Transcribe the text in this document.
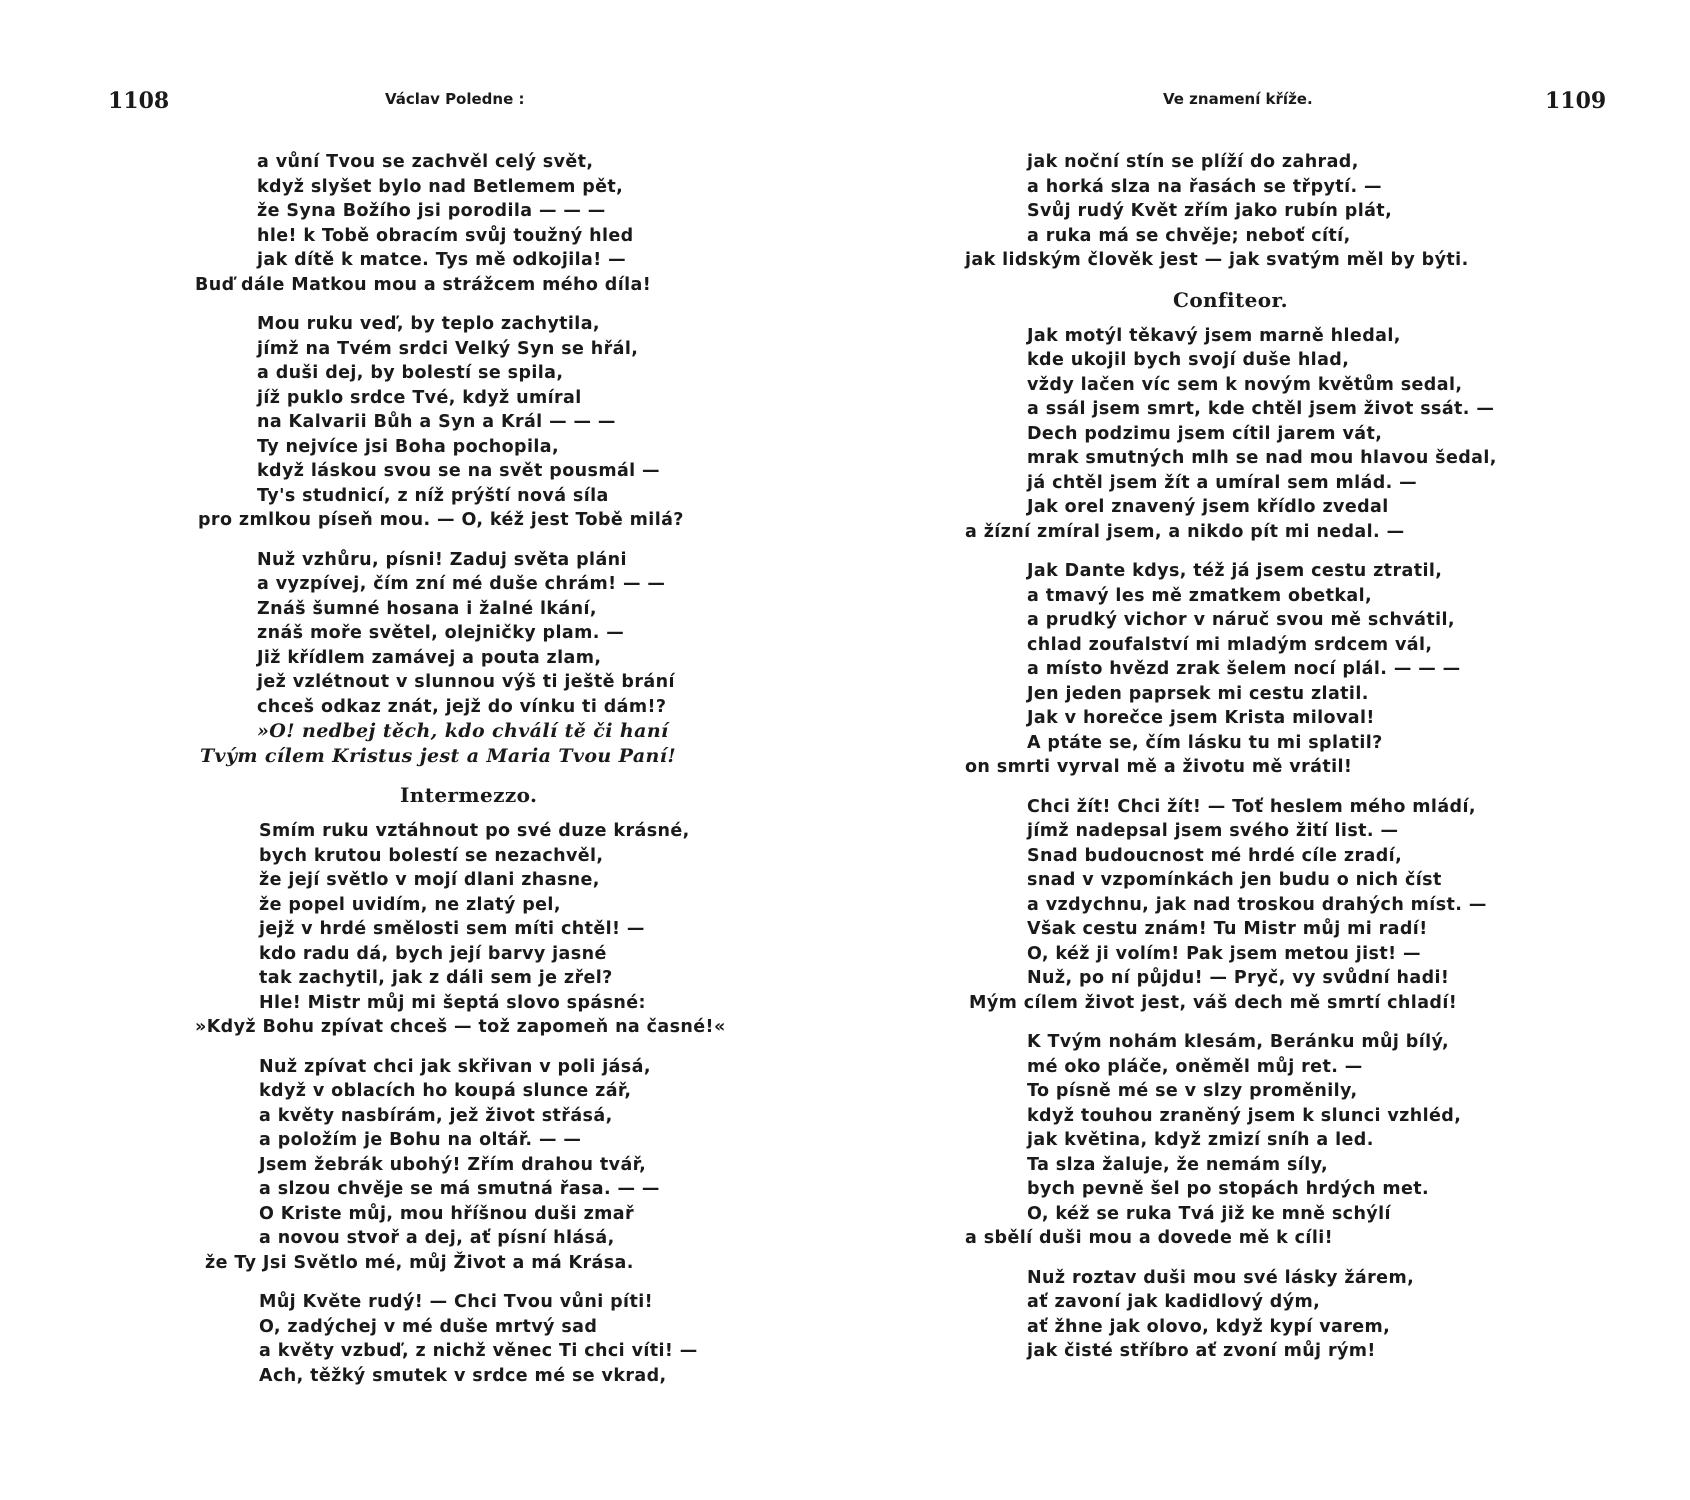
1108	Václav Poledne :
a vůní Tvou se zachvěl celý svět,
když slyšet bylo nad Betlemem pět,
že Syna Božího jsi porodila — — —
hle! k Tobě obracím svůj toužný hled
jak dítě k matce. Tys mě odkojila! —
Buď dále Matkou mou a strážcem mého díla!
Mou ruku veď, by teplo zachytila,
jímž na Tvém srdci Velký Syn se hřál,
a duši dej, by bolestí se spila,
jíž puklo srdce Tvé, když umíral
na Kalvarii Bůh a Syn a Král — — —
Ty nejvíce jsi Boha pochopila,
když láskou svou se na svět pousmál —
Ty's studnicí, z níž prýští nová síla
pro zmlkou píseň mou. — O, kéž jest Tobě milá?
Nuž vzhůru, písni! Zaduj světa pláni
a vyzpívej, čím zní mé duše chrám! — —
Znáš šumné hosana i žalné lkání,
znáš moře světel, olejničky plam. —
Již křídlem zamávej a pouta zlam,
jež vzlétnout v slunnou výš ti ještě brání
chceš odkaz znát, jejž do vínku ti dám!?
»O! nedbej těch, kdo chválí tě či haní
Tvým cílem Kristus jest a Maria Tvou Paní!
Intermezzo.
Smím ruku vztáhnout po své duze krásné,
bych krutou bolestí se nezachvěl,
že její světlo v mojí dlani zhasne,
že popel uvidím, ne zlatý pel,
jejž v hrdé smělosti sem míti chtěl! —
kdo radu dá, bych její barvy jasné
tak zachytil, jak z dáli sem je zřel?
Hle! Mistr můj mi šeptá slovo spásné:
»Když Bohu zpívat chceš — tož zapomeň na časné!«
Nuž zpívat chci jak skřivan v poli jásá,
když v oblacích ho koupá slunce zář,
a květy nasbírám, jež život střásá,
a položím je Bohu na oltář. — —
Jsem žebrák ubohý! Zřím drahou tvář,
a slzou chvěje se má smutná řasa. — —
O Kriste můj, mou hříšnou duši zmař
a novou stvoř a dej, ať písní hlásá,
že Ty Jsi Světlo mé, můj Život a má Krása.
Můj Květe rudý! — Chci Tvou vůni píti!
O, zadýchej v mé duše mrtvý sad
a květy vzbuď, z nichž věnec Ti chci víti! —
Ach, těžký smutek v srdce mé se vkrad,
Ve znamení kříže.	1109
jak noční stín se plíží do zahrad,
a horká slza na řasách se třpytí. —
Svůj rudý Květ zřím jako rubín plát,
a ruka má se chvěje; neboť cítí,
jak lidským člověk jest — jak svatým měl by býti.
Confiteor.
Jak motýl těkavý jsem marně hledal,
kde ukojil bych svojí duše hlad,
vždy lačen víc sem k novým květům sedal,
a ssál jsem smrt, kde chtěl jsem život ssát. —
Dech podzimu jsem cítil jarem vát,
mrak smutných mlh se nad mou hlavou šedal,
já chtěl jsem žít a umíral sem mlád. —
Jak orel znavený jsem křídlo zvedal
a žízní zmíral jsem, a nikdo pít mi nedal. —
Jak Dante kdys, též já jsem cestu ztratil,
a tmavý les mě zmatkem obetkal,
a prudký vichor v náruč svou mě schvátil,
chlad zoufalství mi mladým srdcem vál,
a místo hvězd zrak šelem nocí plál. — — —
Jen jeden paprsek mi cestu zlatil.
Jak v horečce jsem Krista miloval!
A ptáte se, čím lásku tu mi splatil?
on smrti vyrval mě a životu mě vrátil!
Chci žít! Chci žít! — Toť heslem mého mládí,
jímž nadepsal jsem svého žití list. —
Snad budoucnost mé hrdé cíle zradí,
snad v vzpomínkách jen budu o nich číst
a vzdychnu, jak nad troskou drahých míst. —
Však cestu znám! Tu Mistr můj mi radí!
O, kéž ji volím! Pak jsem metou jist! —
Nuž, po ní půjdu! — Pryč, vy svůdní hadi!
Mým cílem život jest, váš dech mě smrtí chladí!
K Tvým nohám klesám, Beránku můj bílý,
mé oko pláče, oněměl můj ret. —
To písně mé se v slzy proměnily,
když touhou zraněný jsem k slunci vzhléd,
jak květina, když zmizí sníh a led.
Ta slza žaluje, že nemám síly,
bych pevně šel po stopách hrdých met.
O, kéž se ruka Tvá již ke mně schýlí
a sbělí duši mou a dovede mě k cíli!
Nuž roztav duši mou své lásky žárem,
ať zavoní jak kadidlový dým,
ať žhne jak olovo, když kypí varem,
jak čisté stříbro ať zvoní můj rým!
